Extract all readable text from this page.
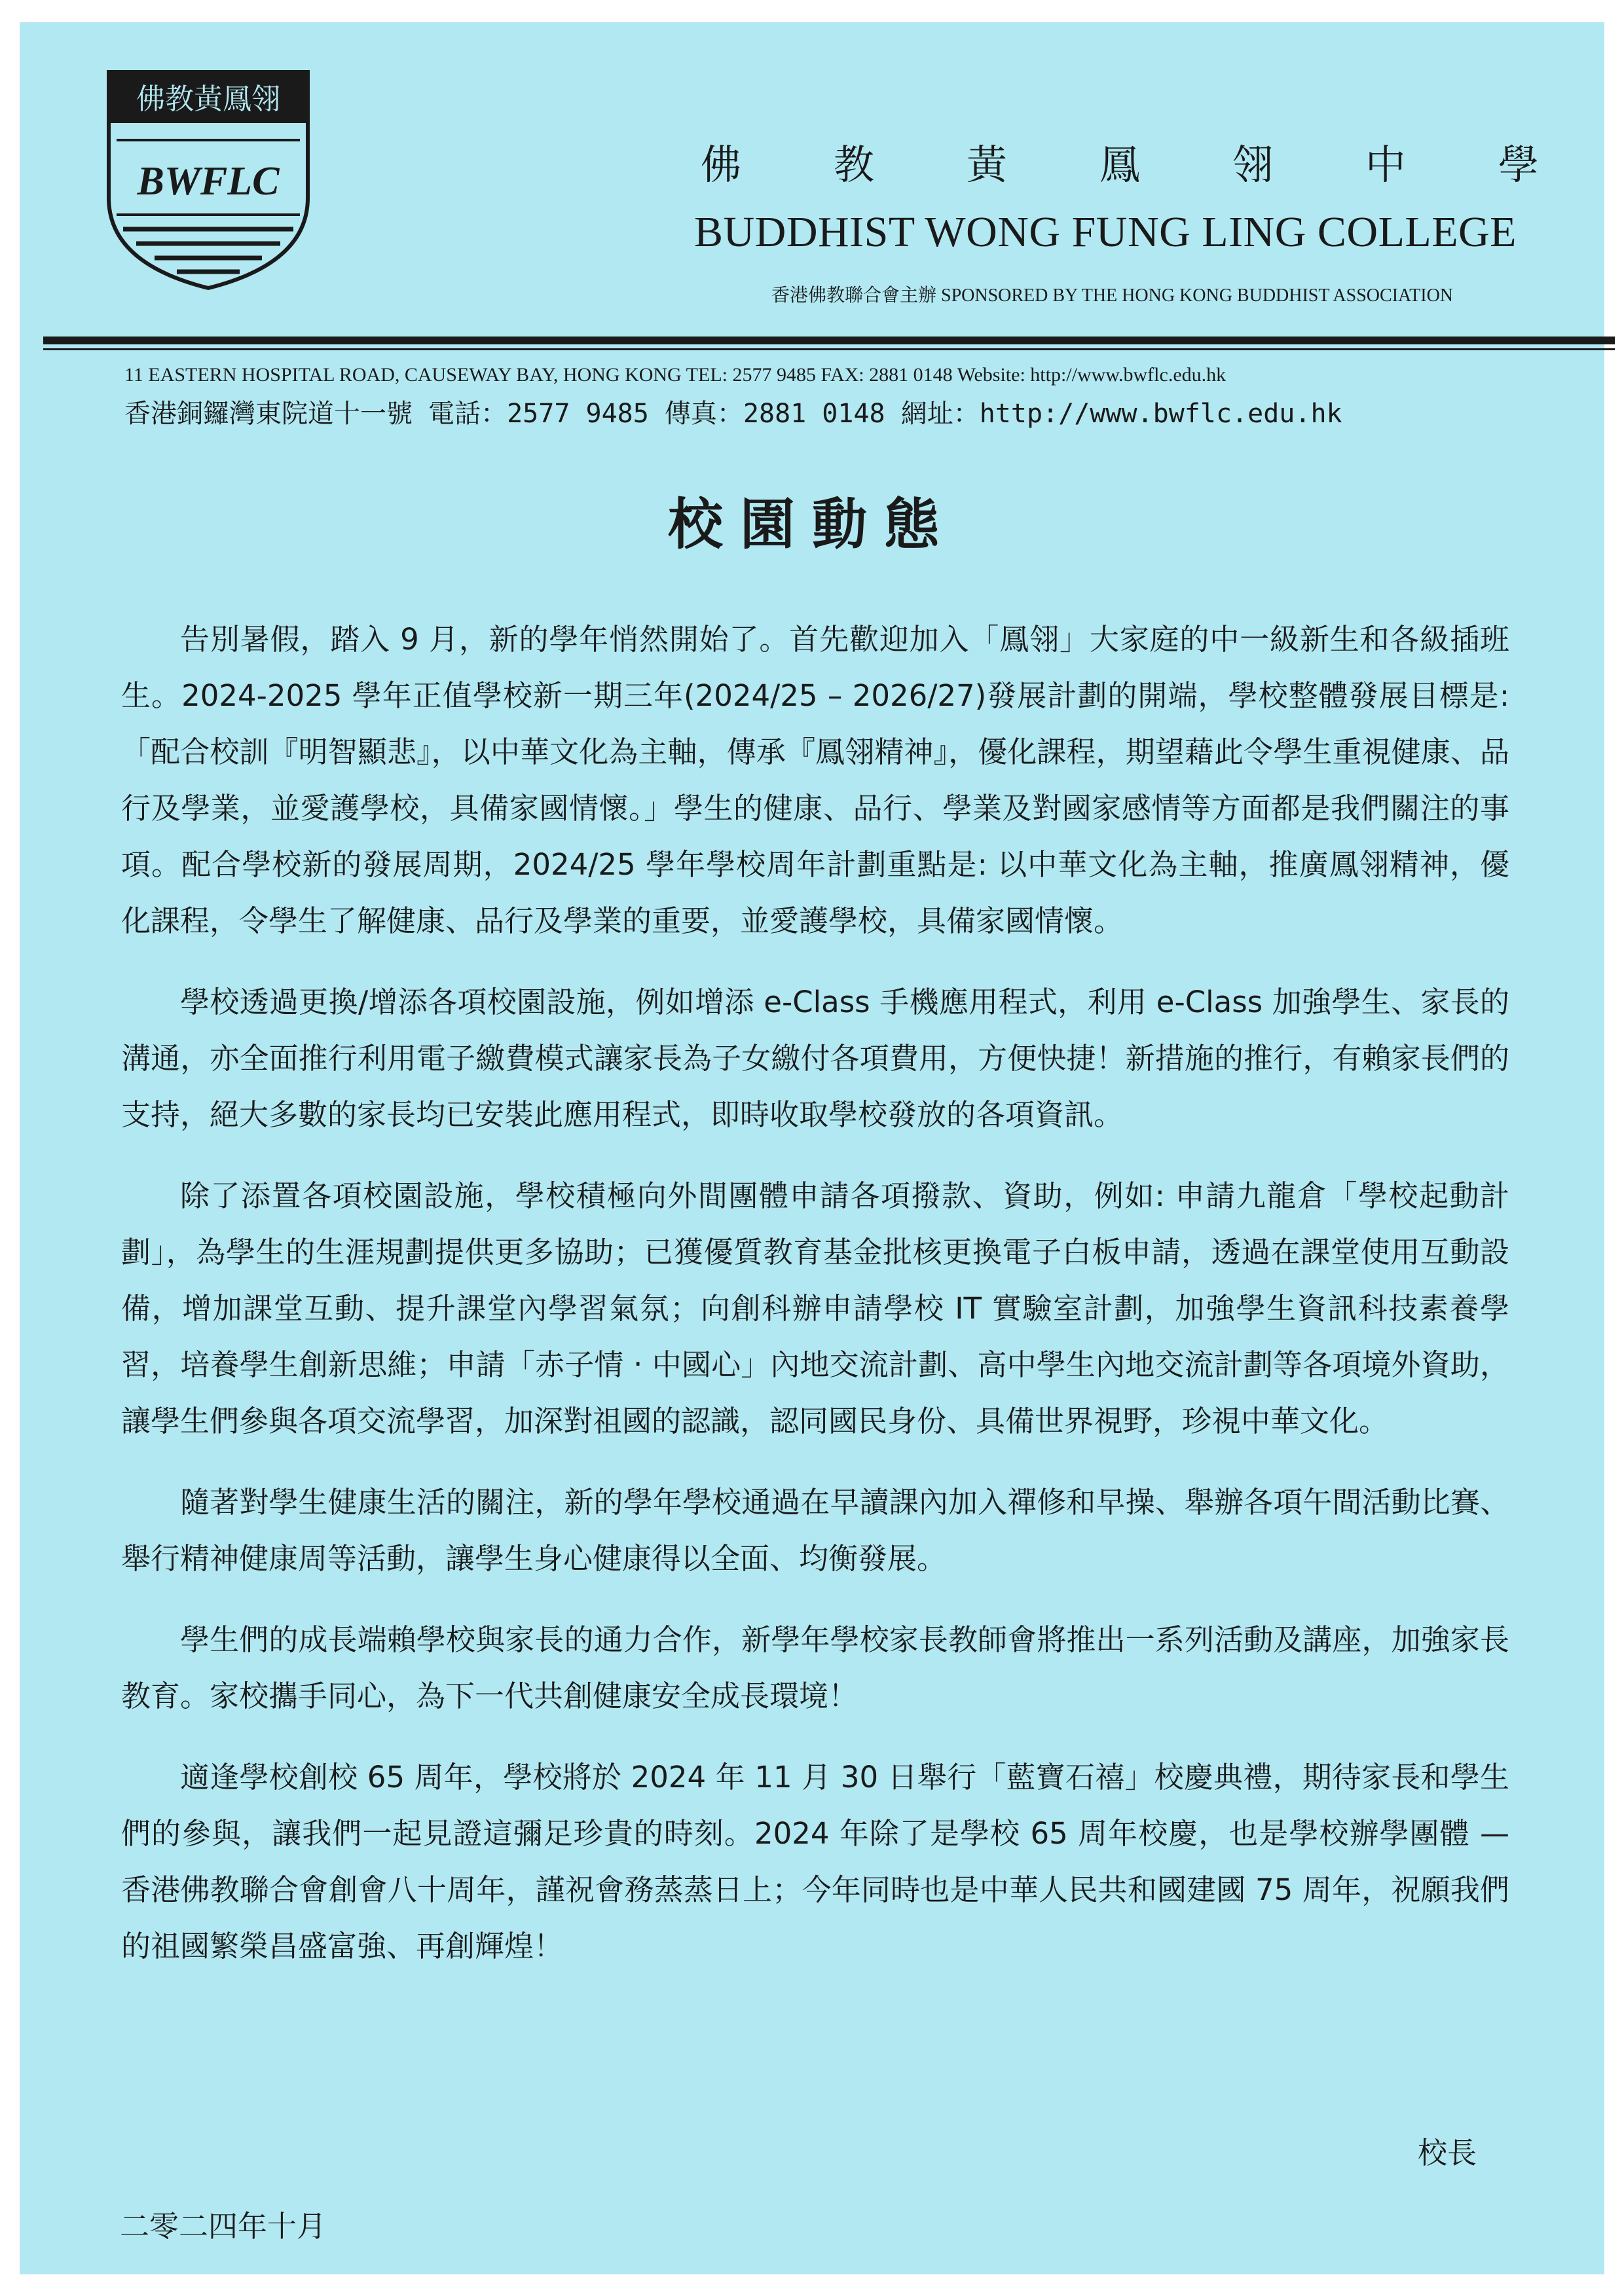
佛教黃鳳翎
BWFLC	佛 教 黃 鳳 翎 中 學
BUDDHIST WONG FUNG LING COLLEGE
香港佛教聯合會主辦 SPONSORED BY THE HONG KONG BUDDHIST ASSOCIATION
11 EASTERN HOSPITAL ROAD, CAUSEWAY BAY, HONG KONG TEL: 2577 9485 FAX: 2881 0148 Website: http://www.bwflc.edu.hk
香港銅鑼灣東院道十一號 電話：2577 9485 傳真：2881 0148 網址：http://www.bwflc.edu.hk
校園動態

告別暑假，踏入 9 月，新的學年悄然開始了。首先歡迎加入「鳳翎」大家庭的中一級新生和各級插班生。2024-2025 學年正值學校新一期三年(2024/25 – 2026/27)發展計劃的開端，學校整體發展目標是: 「配合校訓『明智顯悲』，以中華文化為主軸，傳承『鳳翎精神』，優化課程，期望藉此令學生重視健康、品行及學業，並愛護學校，具備家國情懷。」學生的健康、品行、學業及對國家感情等方面都是我們關注的事項。配合學校新的發展周期，2024/25 學年學校周年計劃重點是: 以中華文化為主軸，推廣鳳翎精神，優化課程，令學生了解健康、品行及學業的重要，並愛護學校，具備家國情懷。

學校透過更換/增添各項校園設施，例如增添 e-Class 手機應用程式，利用 e-Class 加強學生、家長的溝通，亦全面推行利用電子繳費模式讓家長為子女繳付各項費用，方便快捷！新措施的推行，有賴家長們的支持，絕大多數的家長均已安裝此應用程式，即時收取學校發放的各項資訊。

除了添置各項校園設施，學校積極向外間團體申請各項撥款、資助，例如: 申請九龍倉「學校起動計劃」，為學生的生涯規劃提供更多協助；已獲優質教育基金批核更換電子白板申請，透過在課堂使用互動設備，增加課堂互動、提升課堂內學習氣氛；向創科辦申請學校 IT 實驗室計劃，加強學生資訊科技素養學習，培養學生創新思維；申請「赤子情 ‧ 中國心」內地交流計劃、高中學生內地交流計劃等各項境外資助，讓學生們參與各項交流學習，加深對祖國的認識，認同國民身份、具備世界視野，珍視中華文化。

隨著對學生健康生活的關注，新的學年學校通過在早讀課內加入禪修和早操、舉辦各項午間活動比賽、舉行精神健康周等活動，讓學生身心健康得以全面、均衡發展。

學生們的成長端賴學校與家長的通力合作，新學年學校家長教師會將推出一系列活動及講座，加強家長教育。家校攜手同心，為下一代共創健康安全成長環境！

適逢學校創校 65 周年，學校將於 2024 年 11 月 30 日舉行「藍寶石禧」校慶典禮，期待家長和學生們的參與，讓我們一起見證這彌足珍貴的時刻。2024 年除了是學校 65 周年校慶，也是學校辦學團體 — 香港佛教聯合會創會八十周年，謹祝會務蒸蒸日上；今年同時也是中華人民共和國建國 75 周年，祝願我們的祖國繁榮昌盛富強、再創輝煌！

校長
二零二四年十月
